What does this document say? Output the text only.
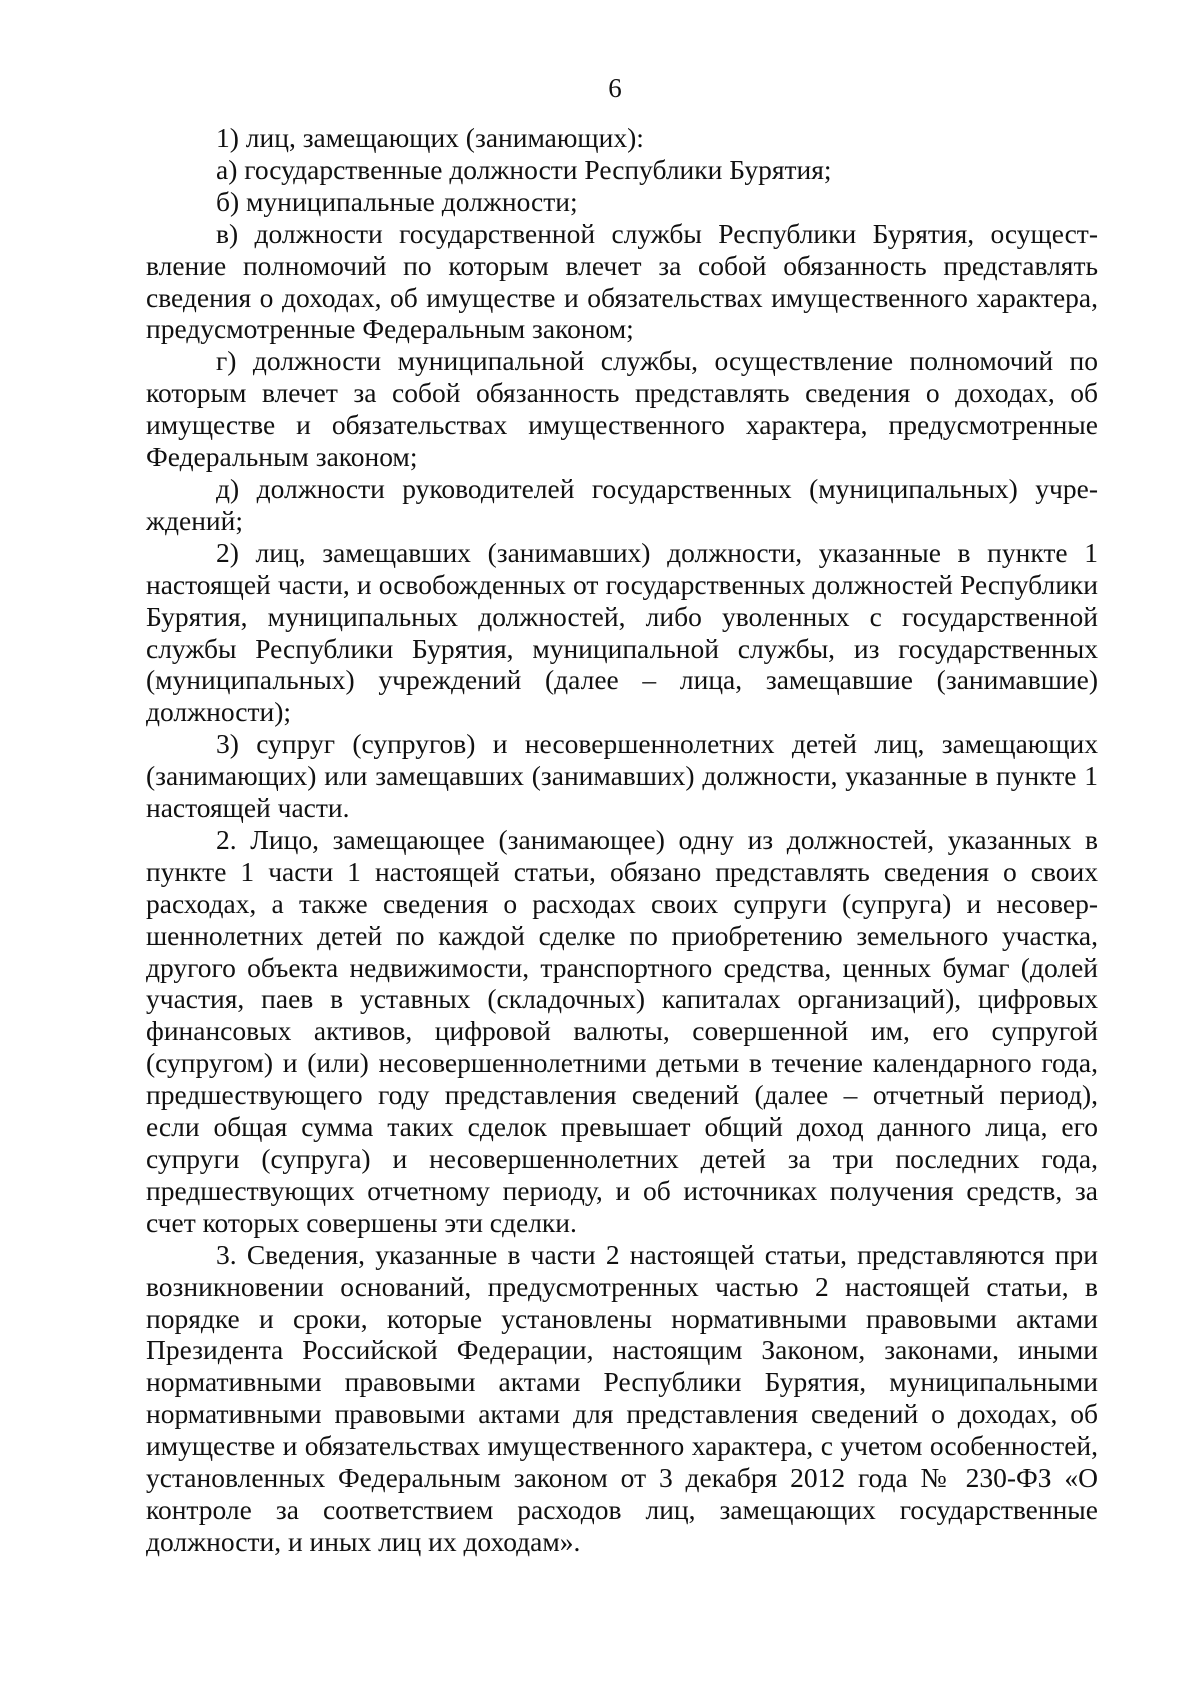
6

1) лиц, замещающих (занимающих):

а) государственные должности Республики Бурятия;

б) муниципальные должности;

в) должности государственной службы Республики Бурятия, осуществление полномочий по которым влечет за собой обязанность представлять сведения о доходах, об имуществе и обязательствах имущественного характера, предусмотренные Федеральным законом;

г) должности муниципальной службы, осуществление полномочий по которым влечет за собой обязанность представлять сведения о доходах, об имуществе и обязательствах имущественного характера, предусмотренные Федеральным законом;

д) должности руководителей государственных (муниципальных) учреждений;

2) лиц, замещавших (занимавших) должности, указанные в пункте 1 настоящей части, и освобожденных от государственных должностей Республики Бурятия, муниципальных должностей, либо уволенных с государственной службы Республики Бурятия, муниципальной службы, из государственных (муниципальных) учреждений (далее – лица, замещавшие (занимавшие) должности);

3) супруг (супругов) и несовершеннолетних детей лиц, замещающих (занимающих) или замещавших (занимавших) должности, указанные в пункте 1 настоящей части.

2. Лицо, замещающее (занимающее) одну из должностей, указанных в пункте 1 части 1 настоящей статьи, обязано представлять сведения о своих расходах, а также сведения о расходах своих супруги (супруга) и несовершеннолетних детей по каждой сделке по приобретению земельного участка, другого объекта недвижимости, транспортного средства, ценных бумаг (долей участия, паев в уставных (складочных) капиталах организаций), цифровых финансовых активов, цифровой валюты, совершенной им, его супругой (супругом) и (или) несовершеннолетними детьми в течение календарного года, предшествующего году представления сведений (далее – отчетный период), если общая сумма таких сделок превышает общий доход данного лица, его супруги (супруга) и несовершеннолетних детей за три последних года, предшествующих отчетному периоду, и об источниках получения средств, за счет которых совершены эти сделки.

3. Сведения, указанные в части 2 настоящей статьи, представляются при возникновении оснований, предусмотренных частью 2 настоящей статьи, в порядке и сроки, которые установлены нормативными правовыми актами Президента Российской Федерации, настоящим Законом, законами, иными нормативными правовыми актами Республики Бурятия, муниципальными нормативными правовыми актами для представления сведений о доходах, об имуществе и обязательствах имущественного характера, с учетом особенностей, установленных Федеральным законом от 3 декабря 2012 года № 230-ФЗ «О контроле за соответствием расходов лиц, замещающих государственные должности, и иных лиц их доходам».
